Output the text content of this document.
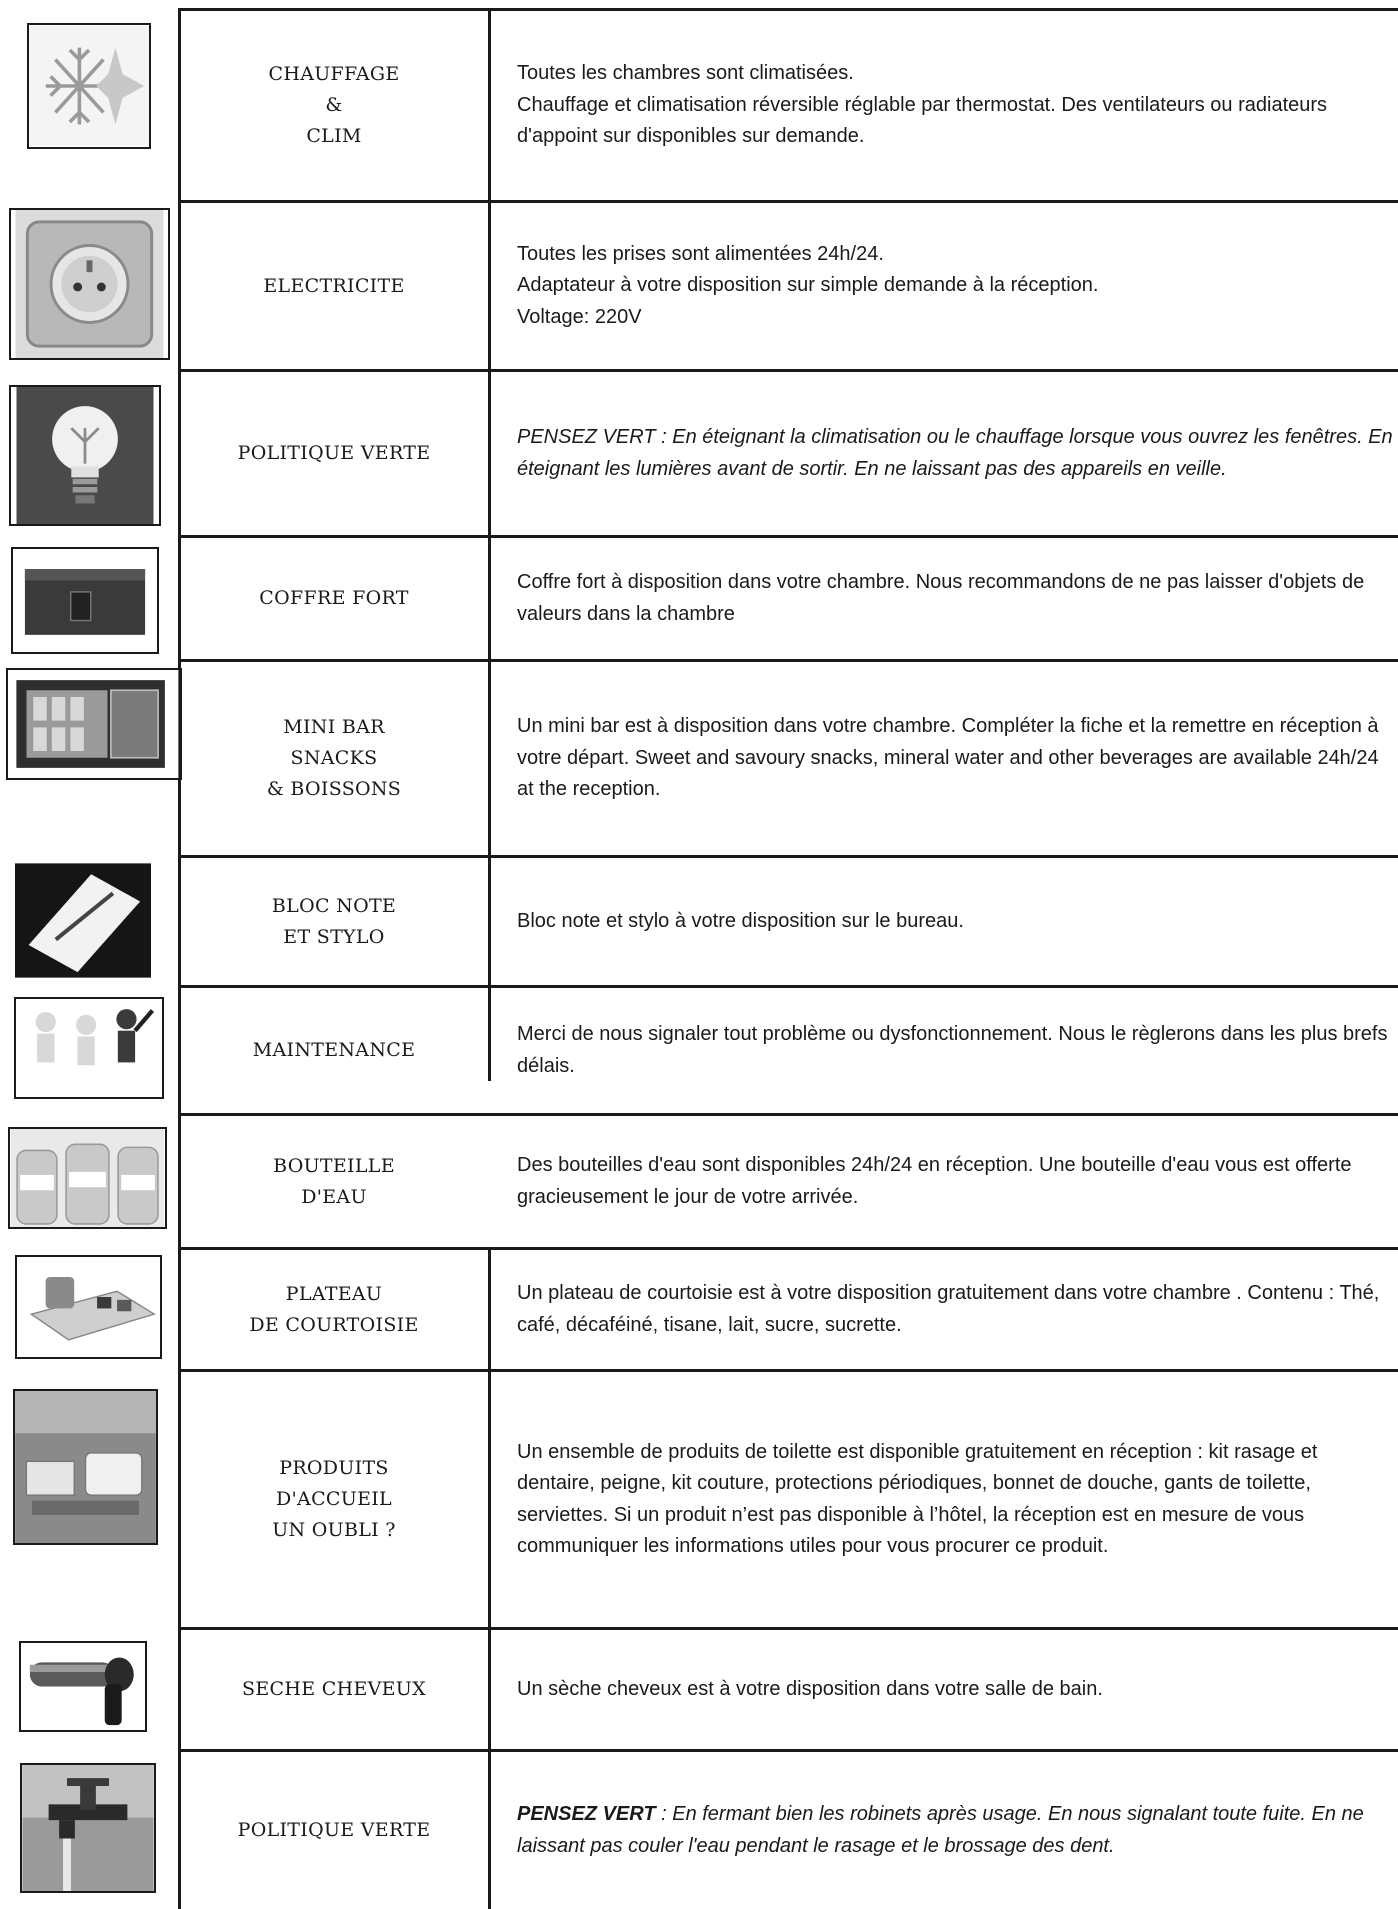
CHAUFFAGE
&
CLIM
Toutes les chambres sont climatisées.
Chauffage et climatisation réversible réglable par thermostat. Des ventilateurs ou radiateurs d'appoint sur disponibles sur demande.
ELECTRICITE
Toutes les prises sont alimentées 24h/24.
Adaptateur à votre disposition sur simple demande à la réception.
Voltage: 220V
POLITIQUE VERTE
PENSEZ VERT : En éteignant la climatisation ou le chauffage lorsque vous ouvrez les fenêtres. En éteignant les lumières avant de sortir. En ne laissant pas des appareils en veille.
COFFRE FORT
Coffre fort à disposition dans votre chambre. Nous recommandons de ne pas laisser d'objets de valeurs dans la chambre
MINI BAR
SNACKS
& BOISSONS
Un mini bar est à disposition dans votre chambre. Compléter la fiche et la remettre en réception à votre départ. Sweet and savoury snacks, mineral water and other beverages are available 24h/24 at the reception.
BLOC NOTE
ET STYLO
Bloc note et stylo à votre disposition sur le bureau.
MAINTENANCE
Merci de nous signaler tout problème ou dysfonctionnement. Nous le règlerons dans les plus brefs délais.
BOUTEILLE
D'EAU
Des bouteilles d'eau sont disponibles 24h/24 en réception. Une bouteille d'eau vous est offerte gracieusement le jour de votre arrivée.
PLATEAU
DE COURTOISIE
Un plateau de courtoisie est à votre disposition gratuitement dans votre chambre . Contenu : Thé, café, décaféiné, tisane, lait, sucre, sucrette.
PRODUITS
D'ACCUEIL
UN OUBLI ?
Un ensemble de produits de toilette est disponible gratuitement en réception : kit rasage et dentaire, peigne, kit couture, protections périodiques, bonnet de douche, gants de toilette, serviettes. Si un produit n’est pas disponible à l’hôtel, la réception est en mesure de vous communiquer les informations utiles pour vous procurer ce produit.
SECHE CHEVEUX	Un sèche cheveux est à votre disposition dans votre salle de bain.
POLITIQUE VERTE
PENSEZ VERT : En fermant bien les robinets après usage. En nous signalant toute fuite. En ne laissant pas couler l'eau pendant le rasage et le brossage des dent.
